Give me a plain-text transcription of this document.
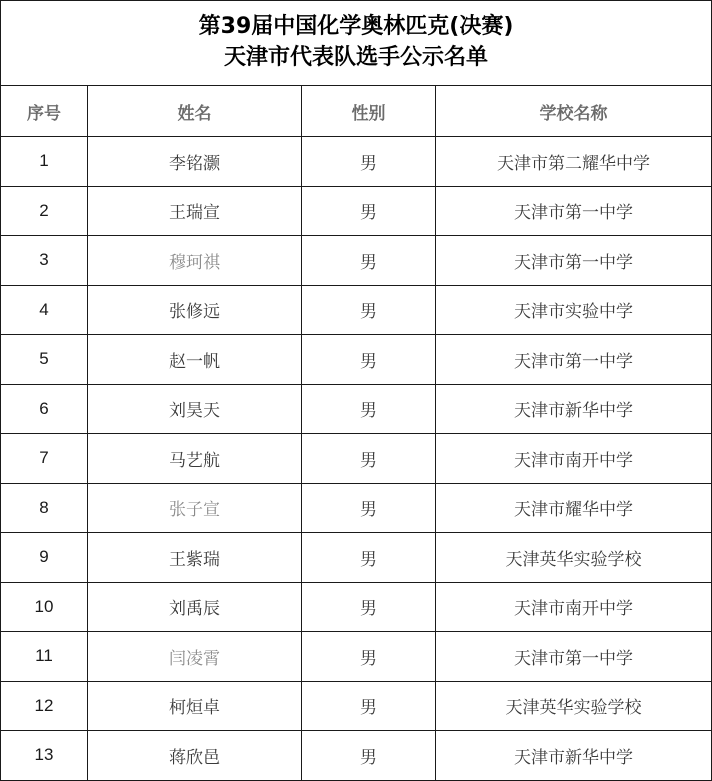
第39届中国化学奥林匹克(决赛)
天津市代表队选手公示名单			

序号	姓名	性别	学校名称
1	李铭灏	男	天津市第二耀华中学
2	王瑞宣	男	天津市第一中学
3	穆珂祺	男	天津市第一中学
4	张修远	男	天津市实验中学
5	赵一帆	男	天津市第一中学
6	刘昊天	男	天津市新华中学
7	马艺航	男	天津市南开中学
8	张子宣	男	天津市耀华中学
9	王紫瑞	男	天津英华实验学校
10	刘禹辰	男	天津市南开中学
11	闫凌霄	男	天津市第一中学
12	柯烜卓	男	天津英华实验学校
13	蒋欣邑	男	天津市新华中学
